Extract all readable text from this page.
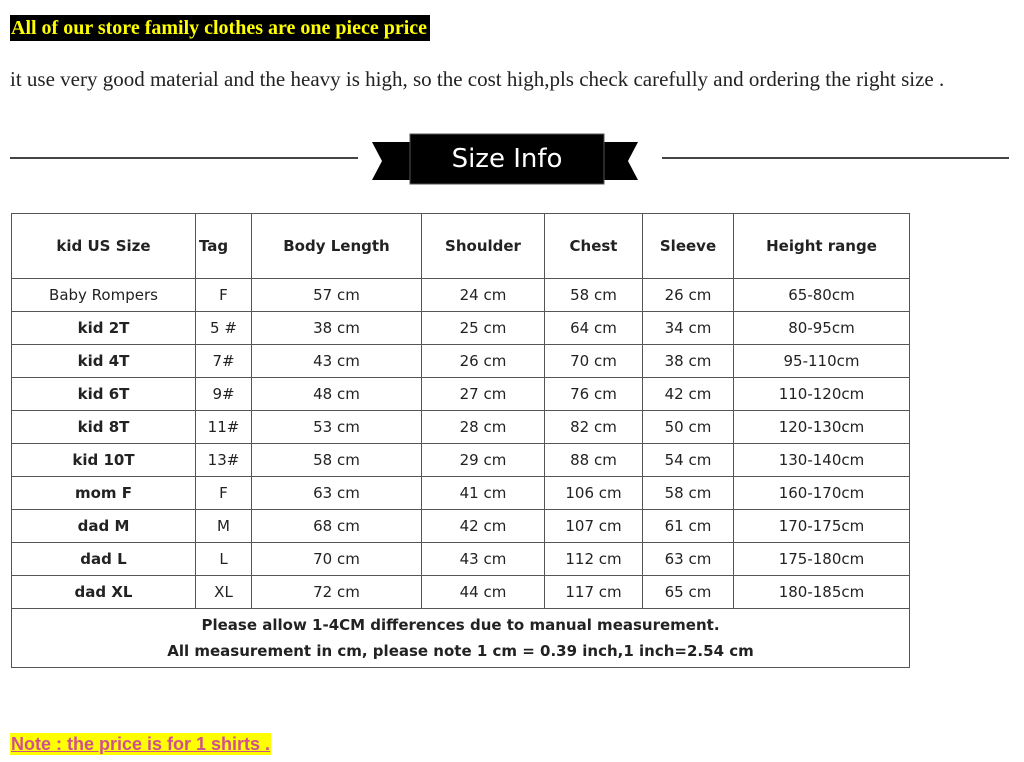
All of our store family clothes are one piece price
it use very good material and the heavy is high, so the cost high,pls check carefully and ordering the right size .
Size Info
kid US Size	Tag	Body Length	Shoulder	Chest	Sleeve	Height range
Baby Rompers	F	57 cm	24 cm	58 cm	26 cm	65-80cm
kid 2T	5 #	38 cm	25 cm	64 cm	34 cm	80-95cm
kid 4T	7#	43 cm	26 cm	70 cm	38 cm	95-110cm
kid 6T	9#	48 cm	27 cm	76 cm	42 cm	110-120cm
kid 8T	11#	53 cm	28 cm	82 cm	50 cm	120-130cm
kid 10T	13#	58 cm	29 cm	88 cm	54 cm	130-140cm
mom F	F	63 cm	41 cm	106 cm	58 cm	160-170cm
dad M	M	68 cm	42 cm	107 cm	61 cm	170-175cm
dad L	L	70 cm	43 cm	112 cm	63 cm	175-180cm
dad XL	XL	72 cm	44 cm	117 cm	65 cm	180-185cm

Please allow 1-4CM differences due to manual measurement.
All measurement in cm, please note 1 cm = 0.39 inch,1 inch=2.54 cm						
Note : the price is for 1 shirts .
